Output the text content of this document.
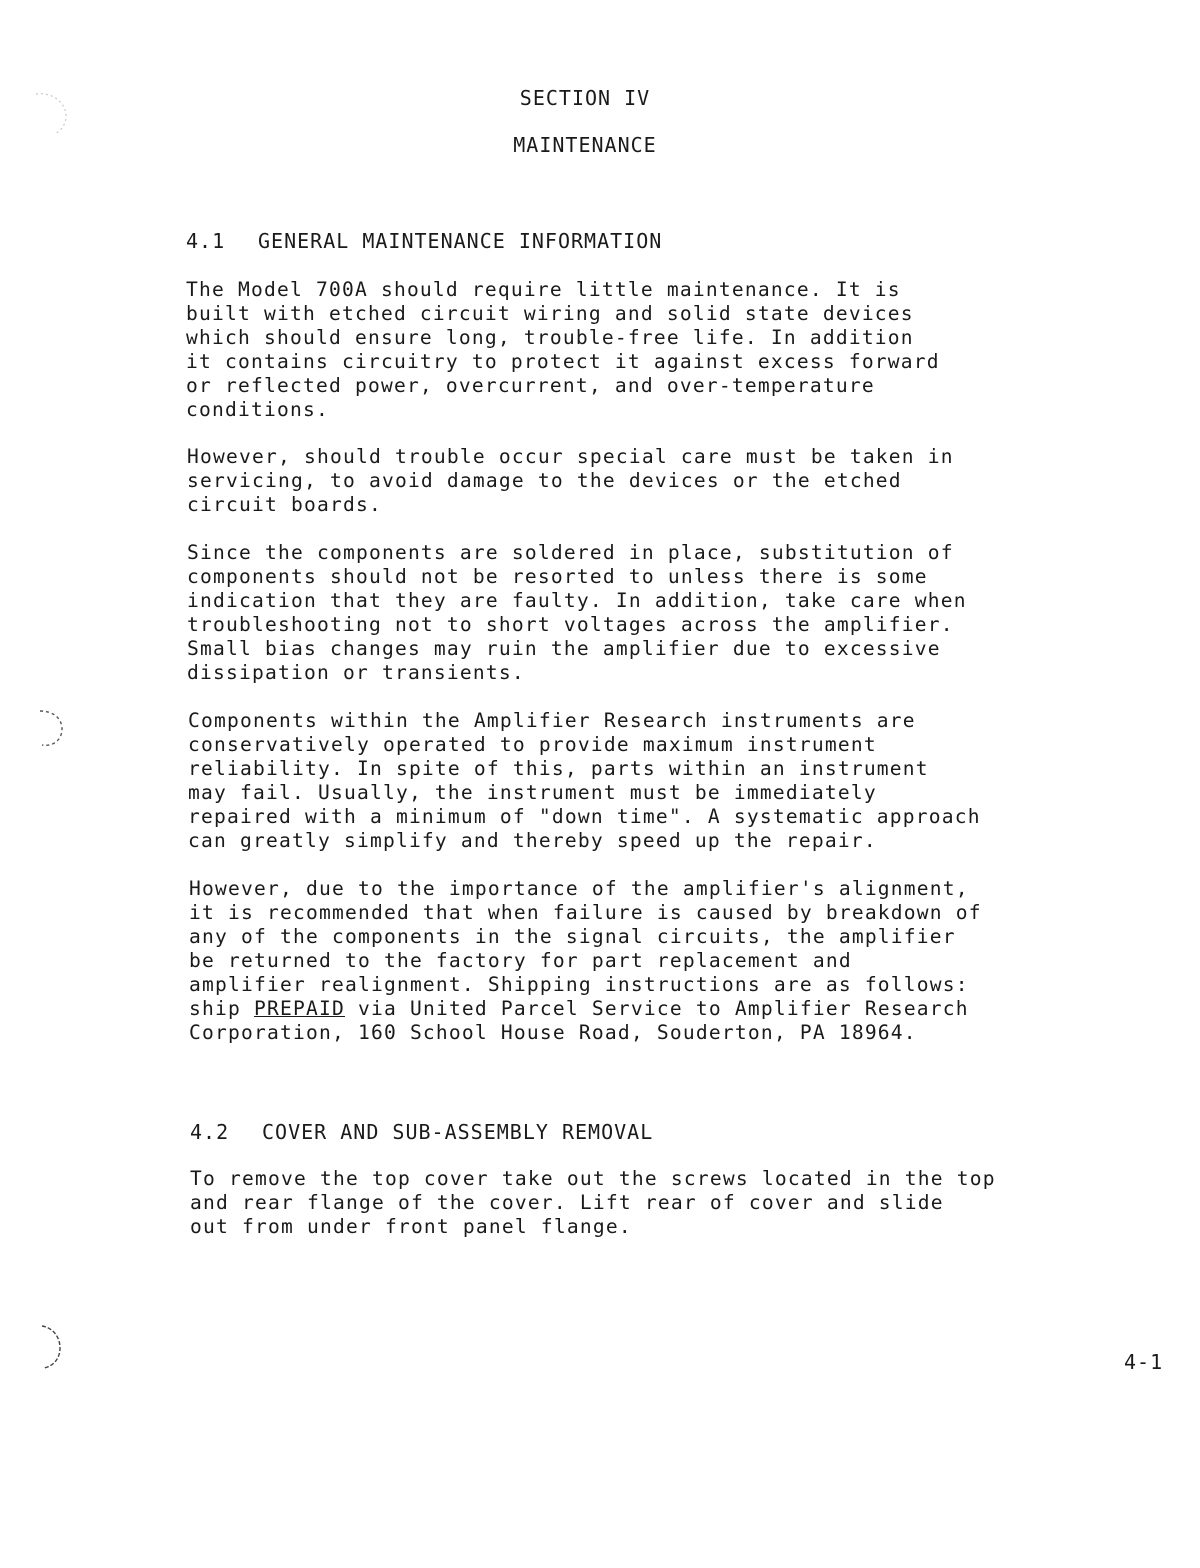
SECTION IV
MAINTENANCE
4.1 GENERAL MAINTENANCE INFORMATION
The Model 700A should require little maintenance. It is
built with etched circuit wiring and solid state devices
which should ensure long, trouble-free life. In addition
it contains circuitry to protect it against excess forward
or reflected power, overcurrent, and over-temperature
conditions.
However, should trouble occur special care must be taken in
servicing, to avoid damage to the devices or the etched
circuit boards.
Since the components are soldered in place, substitution of
components should not be resorted to unless there is some
indication that they are faulty. In addition, take care when
troubleshooting not to short voltages across the amplifier.
Small bias changes may ruin the amplifier due to excessive
dissipation or transients.
Components within the Amplifier Research instruments are
conservatively operated to provide maximum instrument
reliability. In spite of this, parts within an instrument
may fail. Usually, the instrument must be immediately
repaired with a minimum of "down time". A systematic approach
can greatly simplify and thereby speed up the repair.
However, due to the importance of the amplifier's alignment,
it is recommended that when failure is caused by breakdown of
any of the components in the signal circuits, the amplifier
be returned to the factory for part replacement and
amplifier realignment. Shipping instructions are as follows:
ship PREPAID via United Parcel Service to Amplifier Research
Corporation, 160 School House Road, Souderton, PA 18964.
4.2 COVER AND SUB-ASSEMBLY REMOVAL
To remove the top cover take out the screws located in the top
and rear flange of the cover. Lift rear of cover and slide
out from under front panel flange.
4-1
